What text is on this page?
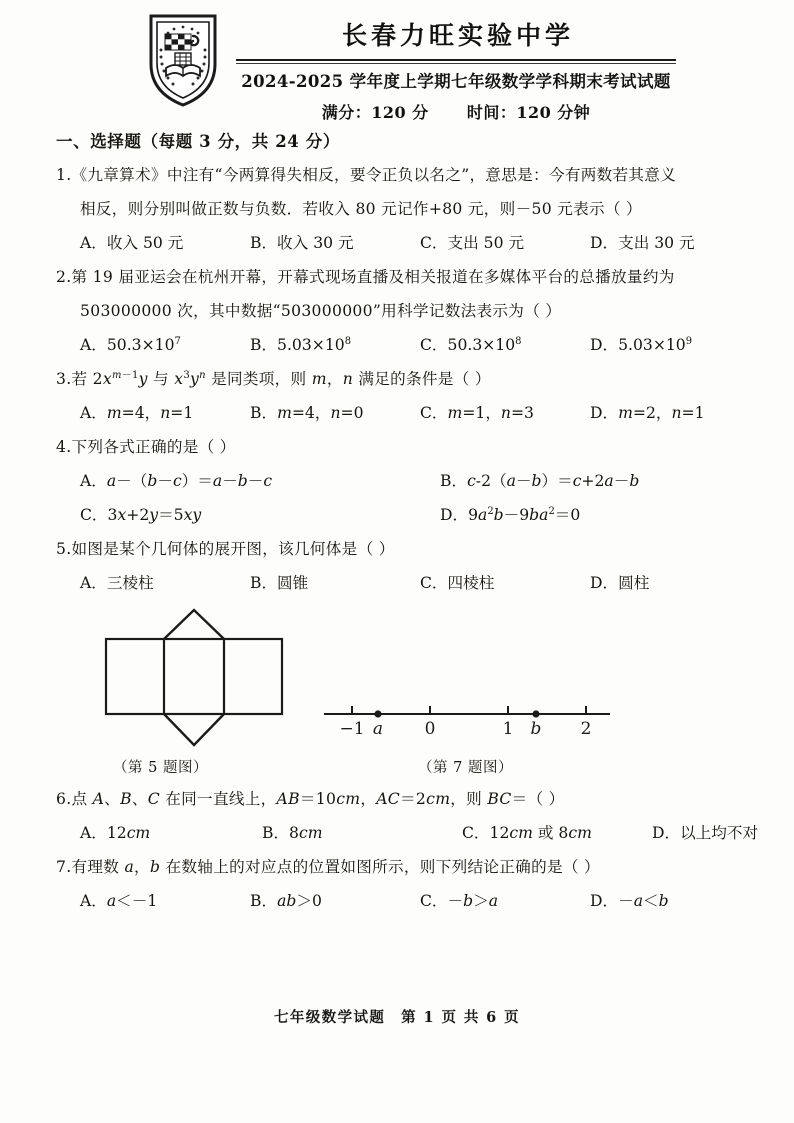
长春力旺实验中学
2024-2025 学年度上学期七年级数学学科期末考试试题
满分：120 分 时间：120 分钟
一、选择题（每题 3 分，共 24 分）
1.《九章算术》中注有“今两算得失相反，要令正负以名之”，意思是：今有两数若其意义
相反，则分别叫做正数与负数．若收入 80 元记作+80 元，则－50 元表示（ ）
A．收入 50 元	B．收入 30 元	C．支出 50 元	D．支出 30 元
2.第 19 届亚运会在杭州开幕，开幕式现场直播及相关报道在多媒体平台的总播放量约为
503000000 次，其中数据“503000000”用科学记数法表示为（ ）
A．$50.3\times 10^7$	B．$5.03\times 10^8$	C．$50.3\times 10^8$	D．$5.03\times 10^9$
3.若 $2x^{m-1}y$ 与 $x^3y^n$ 是同类项，则 m，n 满足的条件是（ ）
A．m=4，n=1	B．m=4，n=0	C．m=1，n=3	D．m=2，n=1
4.下列各式正确的是（ ）
A．a－（b－c）＝a－b－c	B．c-2（a－b）＝c+2a－b
C．3x+2y＝5xy	D．$9a^2b-9ba^2=0$
5.如图是某个几何体的展开图，该几何体是（ ）
A．三棱柱	B．圆锥	C．四棱柱	D．圆柱
−1	0	1	2
a	b
（第 5 题图）	（第 7 题图）
6.点 A、B、C 在同一直线上，AB＝10cm，AC＝2cm，则 BC＝（ ）
A．12cm	B．8cm	C．12cm 或 8cm	D．以上均不对
7.有理数 a，b 在数轴上的对应点的位置如图所示，则下列结论正确的是（ ）
A．a＜－1	B．ab＞0	C．－b＞a	D．－a＜b
七年级数学试题　第 1 页 共 6 页
